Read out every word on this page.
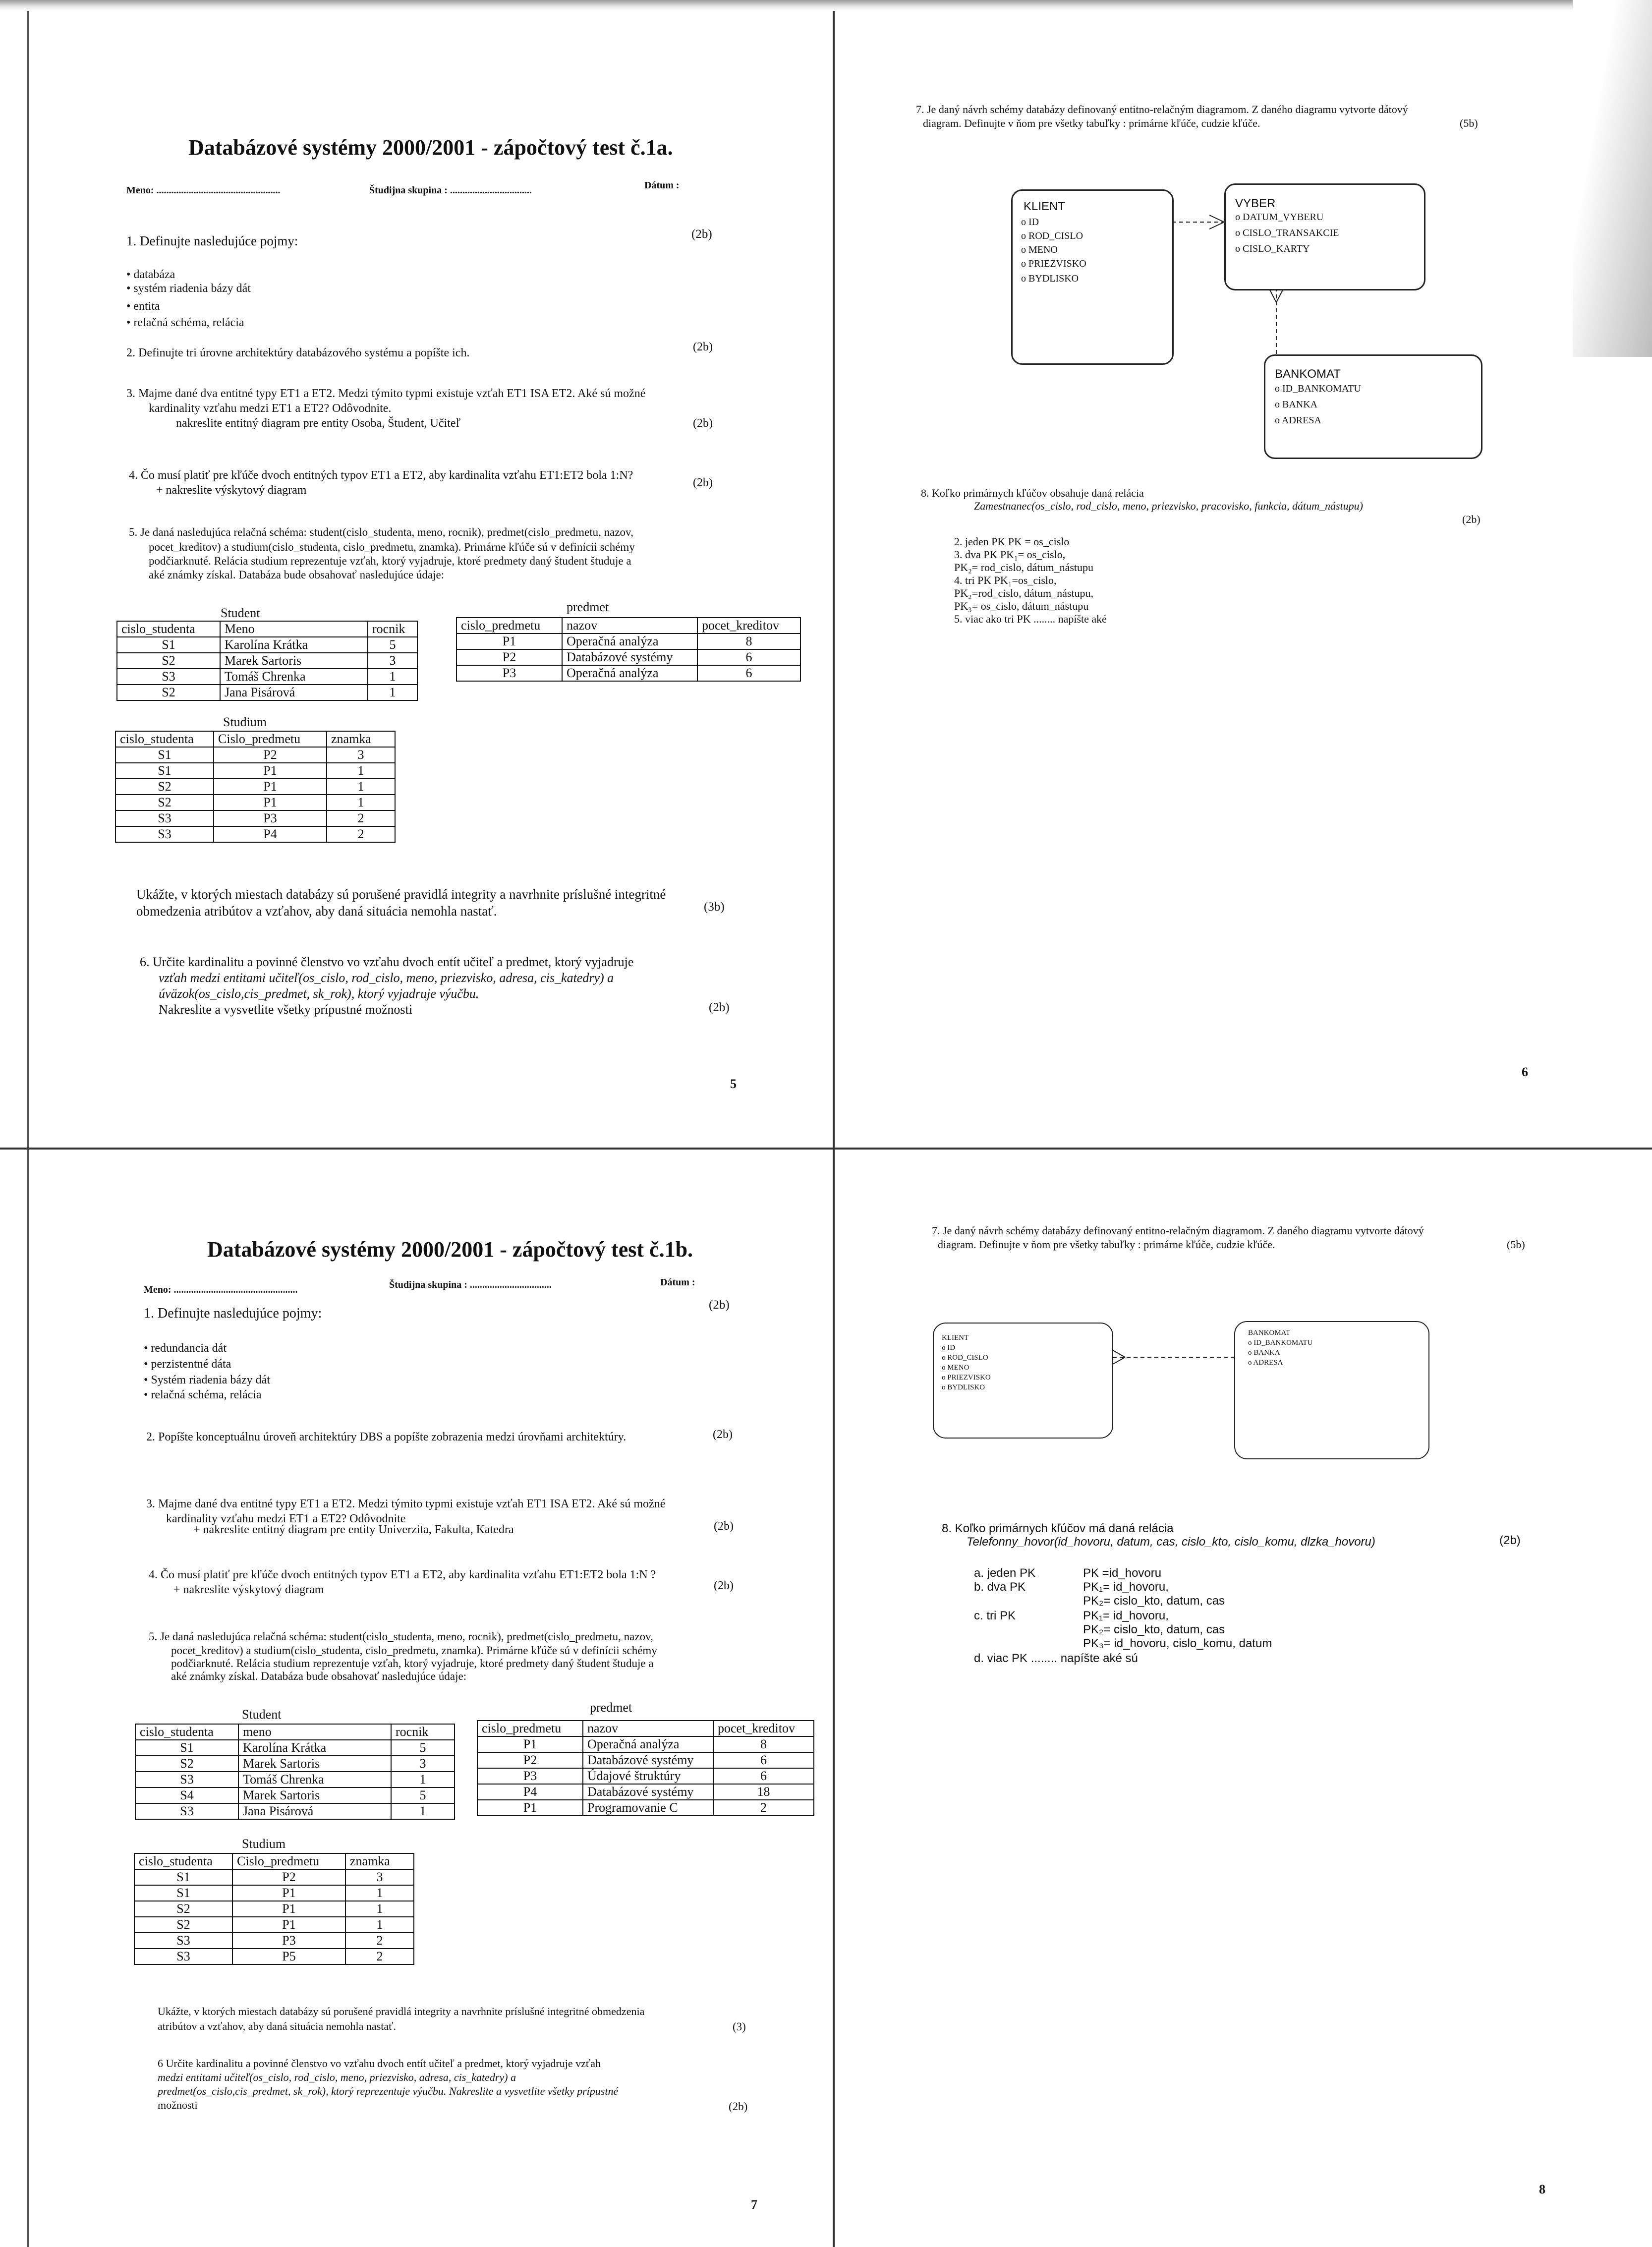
Databázové systémy 2000/2001 - zápočtový test č.1a.
Meno: ..................................................	Študijna skupina : .................................	Dátum :
1. Definujte nasledujúce pojmy:	(2b)
• databáza
• systém riadenia bázy dát
• entita
• relačná schéma, relácia
2. Definujte tri úrovne architektúry databázového systému a popíšte ich.	(2b)
3. Majme dané dva entitné typy ET1 a ET2. Medzi týmito typmi existuje vzťah ET1 ISA ET2. Aké sú možné
kardinality vzťahu medzi ET1 a ET2? Odôvodnite.
nakreslite entitný diagram pre entity Osoba, Študent, Učiteľ	(2b)
4. Čo musí platiť pre kľúče dvoch entitných typov ET1 a ET2, aby kardinalita vzťahu ET1:ET2 bola 1:N?
+ nakreslite výskytový diagram
(2b)
5. Je daná nasledujúca relačná schéma: student(cislo_studenta, meno, rocnik), predmet(cislo_predmetu, nazov,
pocet_kreditov) a studium(cislo_studenta, cislo_predmetu, znamka). Primárne kľúče sú v definícii schémy
podčiarknuté. Relácia studium reprezentuje vzťah, ktorý vyjadruje, ktoré predmety daný študent študuje a
aké známky získal. Databáza bude obsahovať nasledujúce údaje:
Student
cislo_studenta	Meno	rocnik
S1	Karolína Krátka	5
S2	Marek Sartoris	3
S3	Tomáš Chrenka	1
S2	Jana Pisárová	1
predmet
cislo_predmetu	nazov	pocet_kreditov
P1	Operačná analýza	8
P2	Databázové systémy	6
P3	Operačná analýza	6
Studium
cislo_studenta	Cislo_predmetu	znamka
S1	P2	3
S1	P1	1
S2	P1	1
S2	P1	1
S3	P3	2
S3	P4	2
Ukážte, v ktorých miestach databázy sú porušené pravidlá integrity a navrhnite príslušné integritné
obmedzenia atribútov a vzťahov, aby daná situácia nemohla nastať.	(3b)
6. Určite kardinalitu a povinné členstvo vo vzťahu dvoch entít učiteľ a predmet, ktorý vyjadruje
vzťah medzi entitami učiteľ(os_cislo, rod_cislo, meno, priezvisko, adresa, cis_katedry) a
úväzok(os_cislo,cis_predmet, sk_rok), ktorý vyjadruje výučbu.
Nakreslite a vysvetlite všetky prípustné možnosti	(2b)
5
7. Je daný návrh schémy databázy definovaný entitno-relačným diagramom. Z daného diagramu vytvorte dátový
diagram. Definujte v ňom pre všetky tabuľky : primárne kľúče, cudzie kľúče.	(5b)
KLIENT
o ID
o ROD_CISLO
o MENO
o PRIEZVISKO
o BYDLISKO
VYBER
o DATUM_VYBERU
o CISLO_TRANSAKCIE
o CISLO_KARTY
BANKOMAT
o ID_BANKOMATU
o BANKA
o ADRESA
8. Koľko primárnych kľúčov obsahuje daná relácia
Zamestnanec(os_cislo, rod_cislo, meno, priezvisko, pracovisko, funkcia, dátum_nástupu)
(2b)
2. jeden PK PK = os_cislo
3. dva PK PK₁= os_cislo,
PK₂= rod_cislo, dátum_nástupu
4. tri PK PK₁=os_cislo,
PK₂=rod_cislo, dátum_nástupu,
PK₃= os_cislo, dátum_nástupu
5. viac ako tri PK ........ napíšte aké
6
Databázové systémy 2000/2001 - zápočtový test č.1b.
Meno: ..................................................	Študijna skupina : .................................	Dátum :
1. Definujte nasledujúce pojmy:
(2b)
• redundancia dát
• perzistentné dáta
• Systém riadenia bázy dát
• relačná schéma, relácia
2. Popíšte konceptuálnu úroveň architektúry DBS a popíšte zobrazenia medzi úrovňami architektúry.	(2b)
3. Majme dané dva entitné typy ET1 a ET2. Medzi týmito typmi existuje vzťah ET1 ISA ET2. Aké sú možné
kardinality vzťahu medzi ET1 a ET2? Odôvodnite
+ nakreslite entitný diagram pre entity Univerzita, Fakulta, Katedra	(2b)
4. Čo musí platiť pre kľúče dvoch entitných typov ET1 a ET2, aby kardinalita vzťahu ET1:ET2 bola 1:N ?
+ nakreslite výskytový diagram	(2b)
5. Je daná nasledujúca relačná schéma: student(cislo_studenta, meno, rocnik), predmet(cislo_predmetu, nazov,
pocet_kreditov) a studium(cislo_studenta, cislo_predmetu, znamka). Primárne kľúče sú v definícii schémy
podčiarknuté. Relácia studium reprezentuje vzťah, ktorý vyjadruje, ktoré predmety daný študent študuje a
aké známky získal. Databáza bude obsahovať nasledujúce údaje:
Student
cislo_studenta	meno	rocnik
S1	Karolína Krátka	5
S2	Marek Sartoris	3
S3	Tomáš Chrenka	1
S4	Marek Sartoris	5
S3	Jana Pisárová	1
predmet
cislo_predmetu	nazov	pocet_kreditov
P1	Operačná analýza	8
P2	Databázové systémy	6
P3	Údajové štruktúry	6
P4	Databázové systémy	18
P1	Programovanie C	2
Studium
cislo_studenta	Cislo_predmetu	znamka
S1	P2	3
S1	P1	1
S2	P1	1
S2	P1	1
S3	P3	2
S3	P5	2
Ukážte, v ktorých miestach databázy sú porušené pravidlá integrity a navrhnite príslušné integritné obmedzenia
atribútov a vzťahov, aby daná situácia nemohla nastať.	(3)
6 Určite kardinalitu a povinné členstvo vo vzťahu dvoch entít učiteľ a predmet, ktorý vyjadruje vzťah
medzi entitami učiteľ(os_cislo, rod_cislo, meno, priezvisko, adresa, cis_katedry) a
predmet(os_cislo,cis_predmet, sk_rok), ktorý reprezentuje výučbu. Nakreslite a vysvetlite všetky prípustné
možnosti	(2b)
7
7. Je daný návrh schémy databázy definovaný entitno-relačným diagramom. Z daného diagramu vytvorte dátový
diagram. Definujte v ňom pre všetky tabuľky : primárne kľúče, cudzie kľúče.	(5b)
KLIENT
o ID
o ROD_CISLO
o MENO
o PRIEZVISKO
o BYDLISKO
BANKOMAT
o ID_BANKOMATU
o BANKA
o ADRESA
8. Koľko primárnych kľúčov má daná relácia
Telefonny_hovor(id_hovoru, datum, cas, cislo_kto, cislo_komu, dlzka_hovoru)	(2b)
a. jeden PK	PK =id_hovoru
b. dva PK	PK₁= id_hovoru,
PK₂= cislo_kto, datum, cas
c. tri PK	PK₁= id_hovoru,
PK₂= cislo_kto, datum, cas
PK₃= id_hovoru, cislo_komu, datum
d. viac PK ........ napíšte aké sú
8
